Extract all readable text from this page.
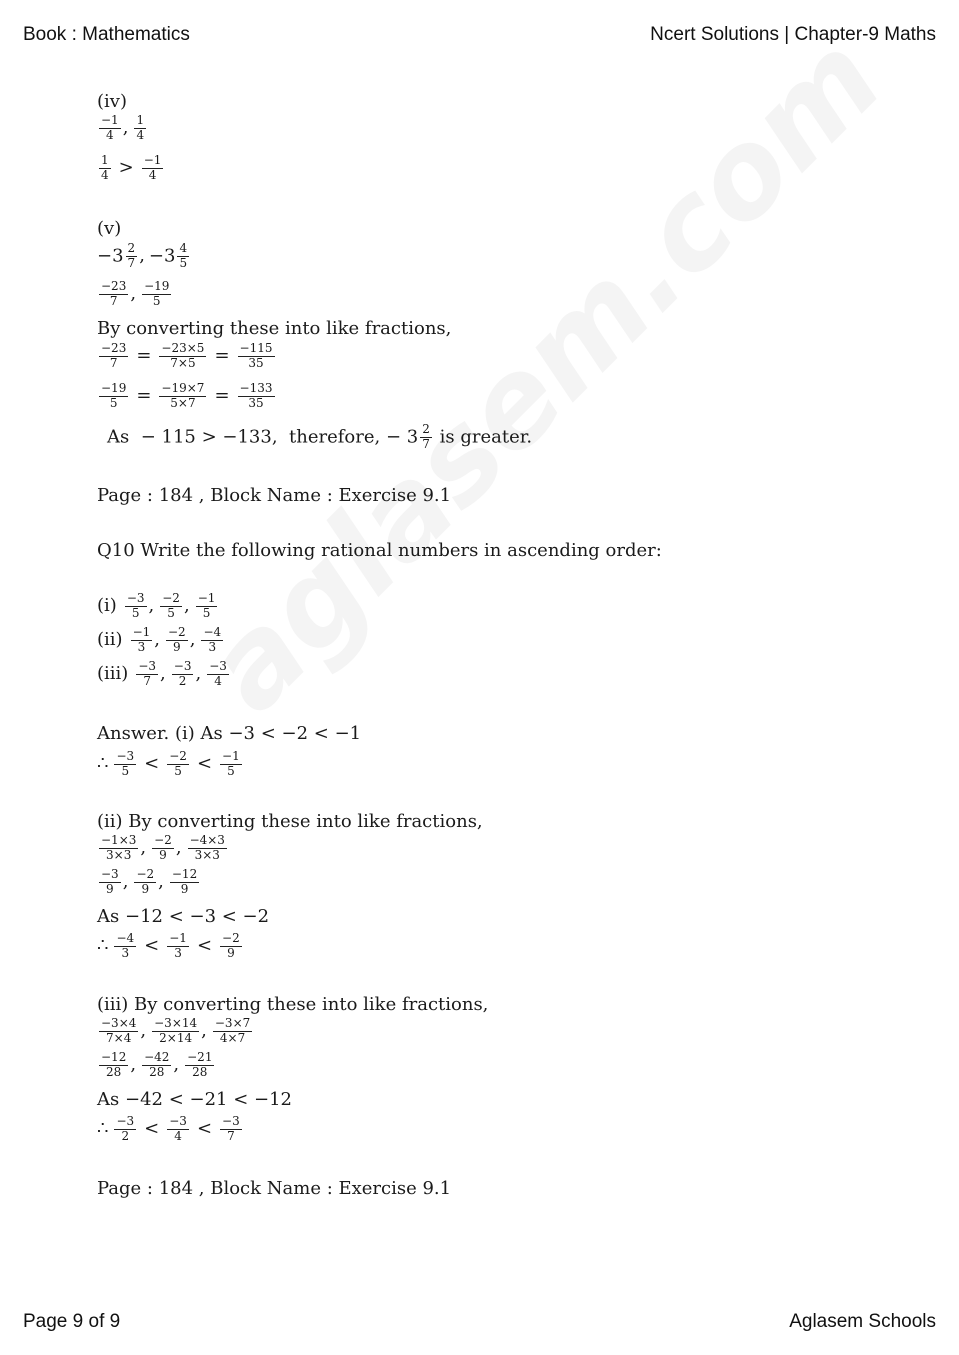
Book : Mathematics	Ncert Solutions | Chapter-9 Maths
(iv)
$\frac{-1}{4}$ , $\frac{1}{4}$
$\frac{1}{4} > \frac{-1}{4}$
(v)
$-3 \frac{2}{7}$ , $-3 \frac{4}{5}$
$\frac{-23}{7}$ , $\frac{-19}{5}$
By converting these into like fractions,
$\frac{-23}{7} = \frac{-23\times 5}{7\times 5} = \frac{-115}{35}$
$\frac{-19}{5} = \frac{-19\times 7}{5\times 7} = \frac{-133}{35}$
As − 115 > −133, therefore, − $3 \frac{2}{7}$ is greater.
Page : 184 , Block Name : Exercise 9.1
Q10 Write the following rational numbers in ascending order:
$(i) \frac{-3}{5}$ , $\frac{-2}{5}$ , $\frac{-1}{5}$
$(ii) \frac{-1}{3}$ , $\frac{-2}{9}$ , $\frac{-4}{3}$
$(iii) \frac{-3}{7}$ , $\frac{-3}{2}$ , $\frac{-3}{4}$
Answer. (i) As −3 < −2 < −1
∴ $\frac{-3}{5} < \frac{-2}{5} < \frac{-1}{5}$
(ii) By converting these into like fractions,
$\frac{-1\times 3}{3\times 3}$ , $\frac{-2}{9}$ , $\frac{-4\times 3}{3\times 3}$
$\frac{-3}{9}$ , $\frac{-2}{9}$ , $\frac{-12}{9}$
As −12 < −3 < −2
∴ $\frac{-4}{3} < \frac{-1}{3} < \frac{-2}{9}$
(iii) By converting these into like fractions,
$\frac{-3\times 4}{7\times 4}$ , $\frac{-3\times 14}{2\times 14}$ , $\frac{-3\times 7}{4\times 7}$
$\frac{-12}{28}$ , $\frac{-42}{28}$ , $\frac{-21}{28}$
As −42 < −21 < −12
∴ $\frac{-3}{2} < \frac{-3}{4} < \frac{-3}{7}$
Page : 184 , Block Name : Exercise 9.1
Page 9 of 9	Aglasem Schools
